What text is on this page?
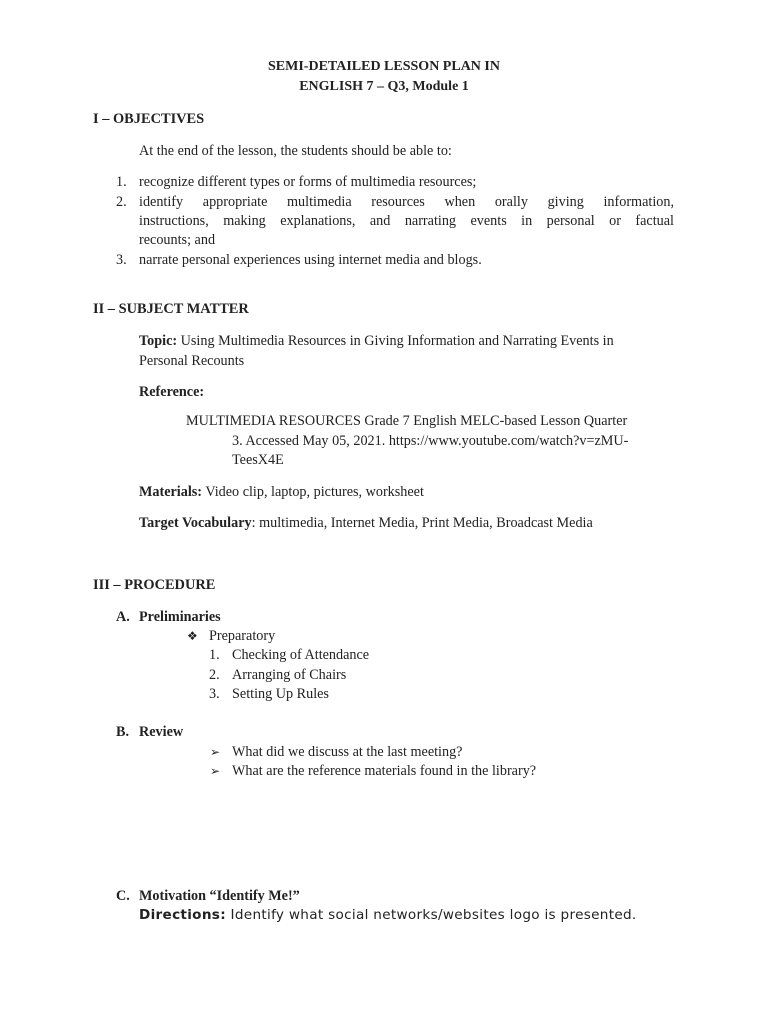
SEMI-DETAILED LESSON PLAN IN
ENGLISH 7 – Q3, Module 1
I – OBJECTIVES
At the end of the lesson, the students should be able to:
1. recognize different types or forms of multimedia resources;
2. identify appropriate multimedia resources when orally giving information,
instructions, making explanations, and narrating events in personal or factual
recounts; and
3. narrate personal experiences using internet media and blogs.
II – SUBJECT MATTER
Topic: Using Multimedia Resources in Giving Information and Narrating Events in
Personal Recounts
Reference:
MULTIMEDIA RESOURCES Grade 7 English MELC-based Lesson Quarter
3. Accessed May 05, 2021. https://www.youtube.com/watch?v=zMU-
TeesX4E
Materials: Video clip, laptop, pictures, worksheet
Target Vocabulary: multimedia, Internet Media, Print Media, Broadcast Media
III – PROCEDURE
A. Preliminaries
❖ Preparatory
1. Checking of Attendance
2. Arranging of Chairs
3. Setting Up Rules
B. Review
➢ What did we discuss at the last meeting?
➢ What are the reference materials found in the library?
C. Motivation “Identify Me!”
Directions: Identify what social networks/websites logo is presented.
